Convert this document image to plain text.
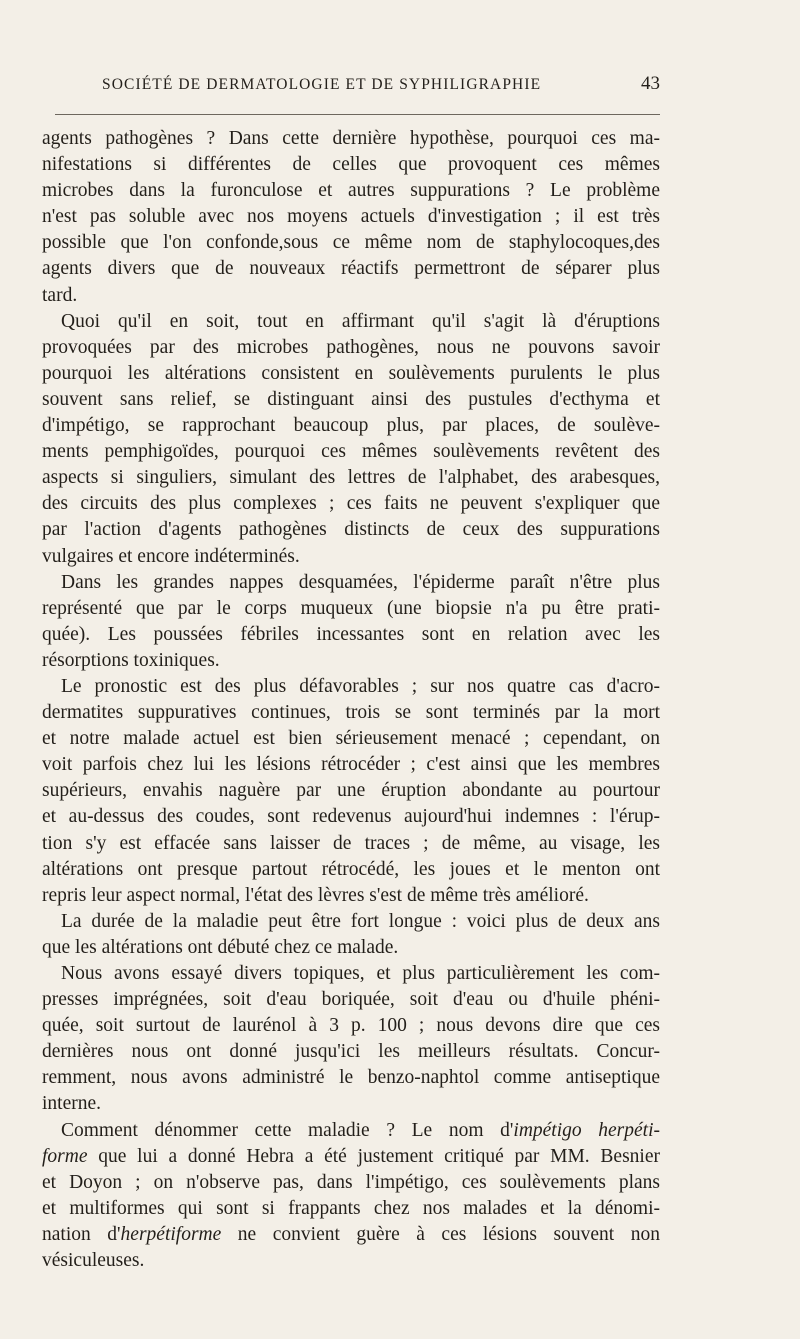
SOCIÉTÉ DE DERMATOLOGIE ET DE SYPHILIGRAPHIE	43
agents pathogènes ? Dans cette dernière hypothèse, pourquoi ces ma-
nifestations si différentes de celles que provoquent ces mêmes
microbes dans la furonculose et autres suppurations ? Le problème
n'est pas soluble avec nos moyens actuels d'investigation ; il est très
possible que l'on confonde,sous ce même nom de staphylocoques,des
agents divers que de nouveaux réactifs permettront de séparer plus
tard.
Quoi qu'il en soit, tout en affirmant qu'il s'agit là d'éruptions
provoquées par des microbes pathogènes, nous ne pouvons savoir
pourquoi les altérations consistent en soulèvements purulents le plus
souvent sans relief, se distinguant ainsi des pustules d'ecthyma et
d'impétigo, se rapprochant beaucoup plus, par places, de soulève-
ments pemphigoïdes, pourquoi ces mêmes soulèvements revêtent des
aspects si singuliers, simulant des lettres de l'alphabet, des arabesques,
des circuits des plus complexes ; ces faits ne peuvent s'expliquer que
par l'action d'agents pathogènes distincts de ceux des suppurations
vulgaires et encore indéterminés.
Dans les grandes nappes desquamées, l'épiderme paraît n'être plus
représenté que par le corps muqueux (une biopsie n'a pu être prati-
quée). Les poussées fébriles incessantes sont en relation avec les
résorptions toxiniques.
Le pronostic est des plus défavorables ; sur nos quatre cas d'acro-
dermatites suppuratives continues, trois se sont terminés par la mort
et notre malade actuel est bien sérieusement menacé ; cependant, on
voit parfois chez lui les lésions rétrocéder ; c'est ainsi que les membres
supérieurs, envahis naguère par une éruption abondante au pourtour
et au-dessus des coudes, sont redevenus aujourd'hui indemnes : l'érup-
tion s'y est effacée sans laisser de traces ; de même, au visage, les
altérations ont presque partout rétrocédé, les joues et le menton ont
repris leur aspect normal, l'état des lèvres s'est de même très amélioré.
La durée de la maladie peut être fort longue : voici plus de deux ans
que les altérations ont débuté chez ce malade.
Nous avons essayé divers topiques, et plus particulièrement les com-
presses imprégnées, soit d'eau boriquée, soit d'eau ou d'huile phéni-
quée, soit surtout de laurénol à 3 p. 100 ; nous devons dire que ces
dernières nous ont donné jusqu'ici les meilleurs résultats. Concur-
remment, nous avons administré le benzo-naphtol comme antiseptique
interne.
Comment dénommer cette maladie ? Le nom d'impétigo herpéti-
forme que lui a donné Hebra a été justement critiqué par MM. Besnier
et Doyon ; on n'observe pas, dans l'impétigo, ces soulèvements plans
et multiformes qui sont si frappants chez nos malades et la dénomi-
nation d'herpétiforme ne convient guère à ces lésions souvent non
vésiculeuses.
